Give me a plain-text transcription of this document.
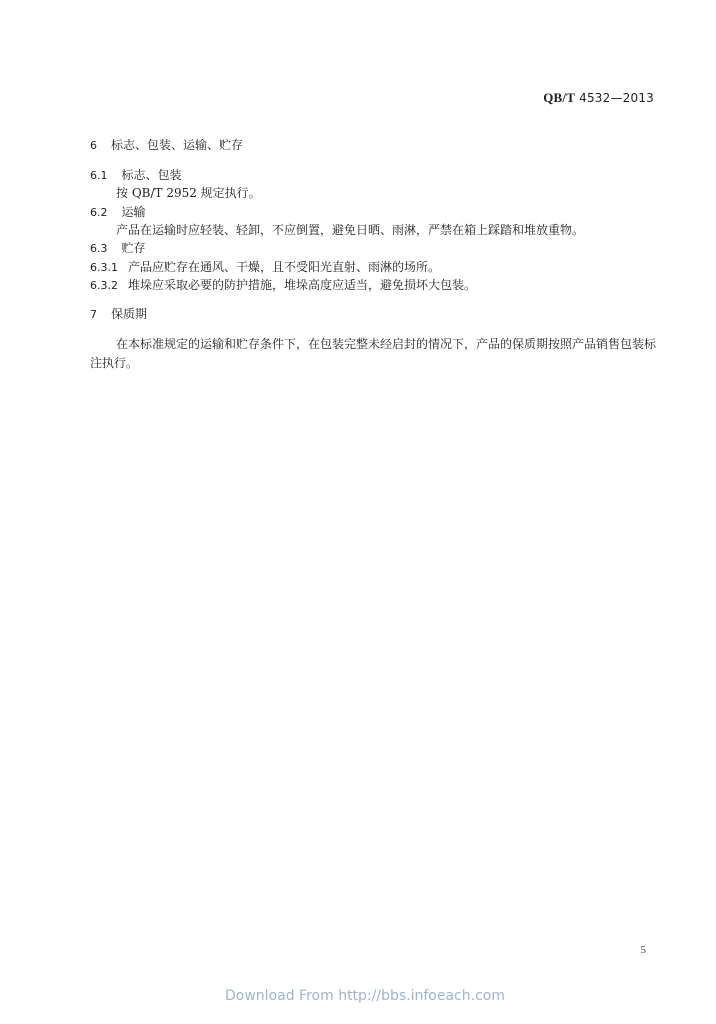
QB/T 4532—2013
6 标志、包装、运输、贮存
6.1 标志、包装
按 QB/T 2952 规定执行。
6.2 运输
产品在运输时应轻装、轻卸，不应倒置，避免日晒、雨淋，严禁在箱上踩踏和堆放重物。
6.3 贮存
6.3.1 产品应贮存在通风、干燥，且不受阳光直射、雨淋的场所。
6.3.2 堆垛应采取必要的防护措施，堆垛高度应适当，避免损坏大包装。
7 保质期
在本标准规定的运输和贮存条件下，在包装完整未经启封的情况下，产品的保质期按照产品销售包装标注执行。
5
Download From http://bbs.infoeach.com
